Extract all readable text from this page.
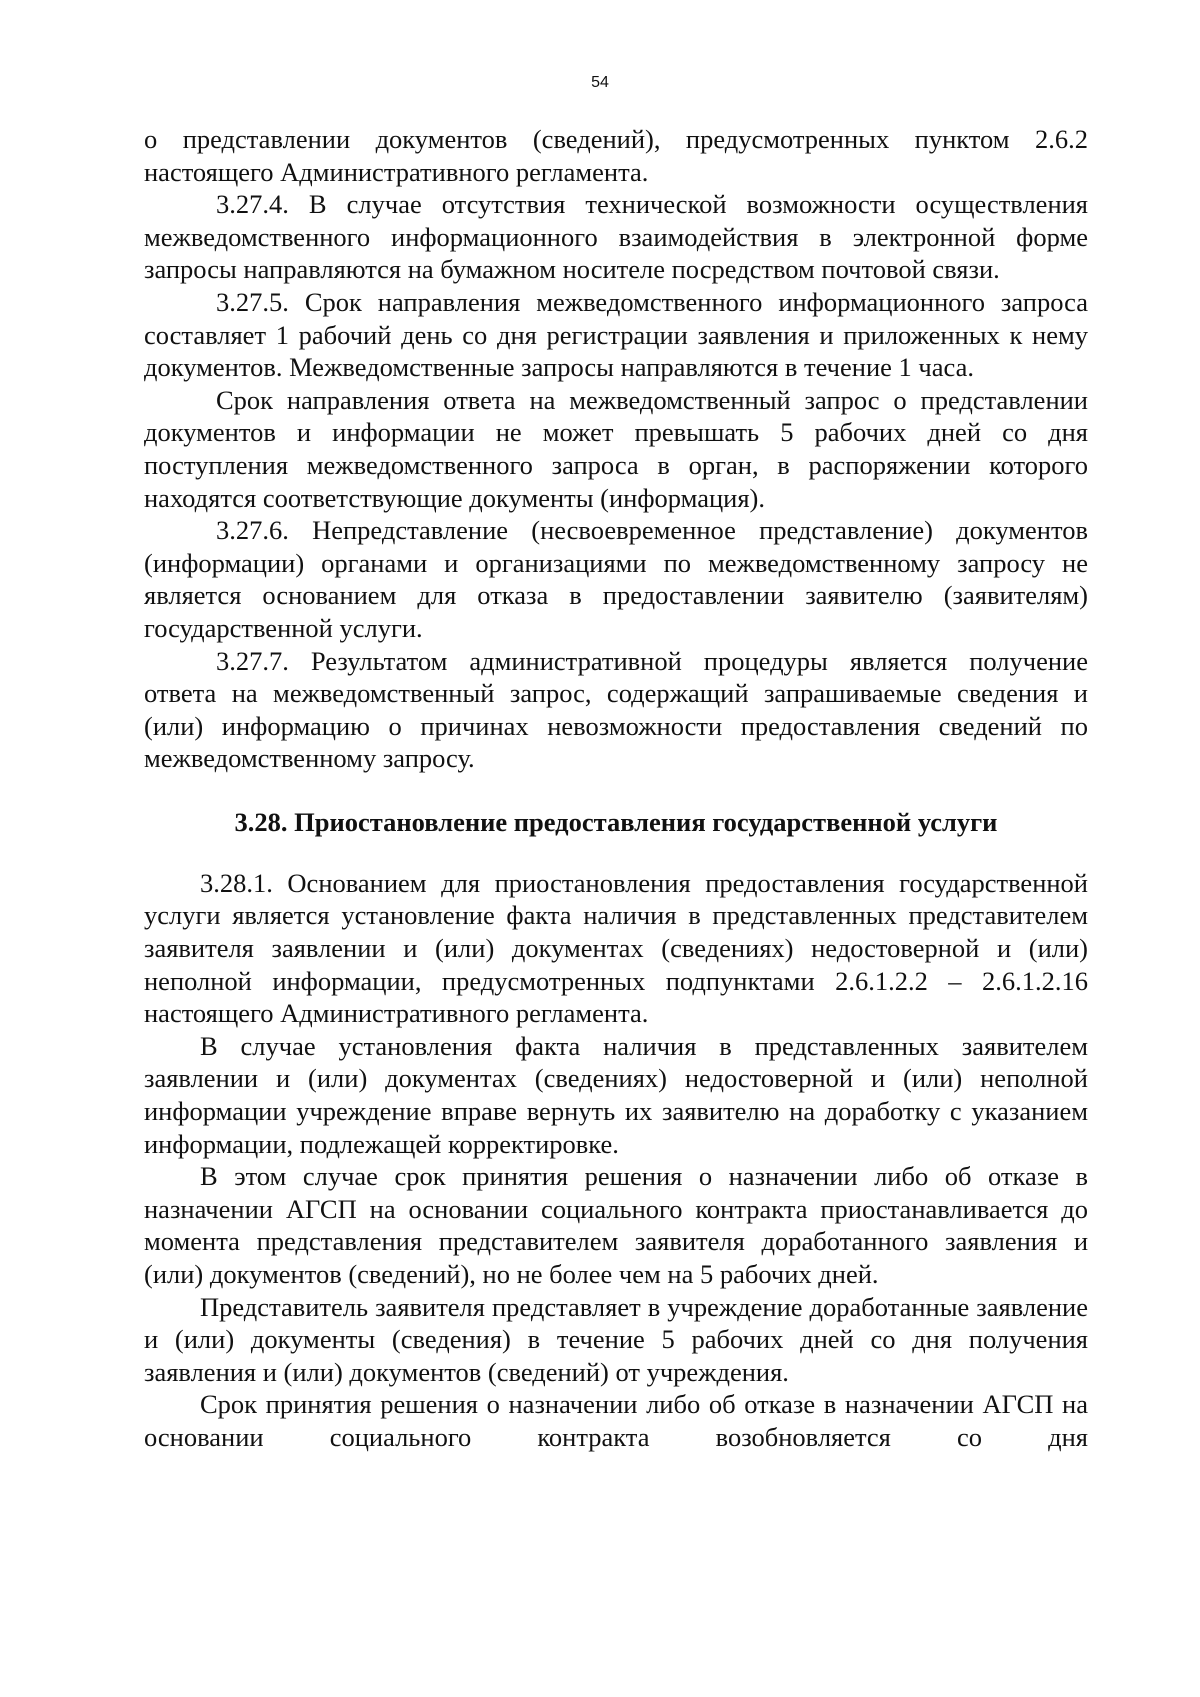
54

о представлении документов (сведений), предусмотренных пунктом 2.6.2 настоящего Административного регламента.

3.27.4. В случае отсутствия технической возможности осуществления межведомственного информационного взаимодействия в электронной форме запросы направляются на бумажном носителе посредством почтовой связи.

3.27.5. Срок направления межведомственного информационного запроса составляет 1 рабочий день со дня регистрации заявления и приложенных к нему документов. Межведомственные запросы направляются в течение 1 часа.

Срок направления ответа на межведомственный запрос о представлении документов и информации не может превышать 5 рабочих дней со дня поступления межведомственного запроса в орган, в распоряжении которого находятся соответствующие документы (информация).

3.27.6. Непредставление (несвоевременное представление) документов (информации) органами и организациями по межведомственному запросу не является основанием для отказа в предоставлении заявителю (заявителям) государственной услуги.

3.27.7. Результатом административной процедуры является получение ответа на межведомственный запрос, содержащий запрашиваемые сведения и (или) информацию о причинах невозможности предоставления сведений по межведомственному запросу.

3.28. Приостановление предоставления государственной услуги

3.28.1. Основанием для приостановления предоставления государственной услуги является установление факта наличия в представленных представителем заявителя заявлении и (или) документах (сведениях) недостоверной и (или) неполной информации, предусмотренных подпунктами 2.6.1.2.2 – 2.6.1.2.16 настоящего Административного регламента.

В случае установления факта наличия в представленных заявителем заявлении и (или) документах (сведениях) недостоверной и (или) неполной информации учреждение вправе вернуть их заявителю на доработку с указанием информации, подлежащей корректировке.

В этом случае срок принятия решения о назначении либо об отказе в назначении АГСП на основании социального контракта приостанавливается до момента представления представителем заявителя доработанного заявления и (или) документов (сведений), но не более чем на 5 рабочих дней.

Представитель заявителя представляет в учреждение доработанные заявление и (или) документы (сведения) в течение 5 рабочих дней со дня получения заявления и (или) документов (сведений) от учреждения.

Срок принятия решения о назначении либо об отказе в назначении АГСП на основании социального контракта возобновляется со дня
